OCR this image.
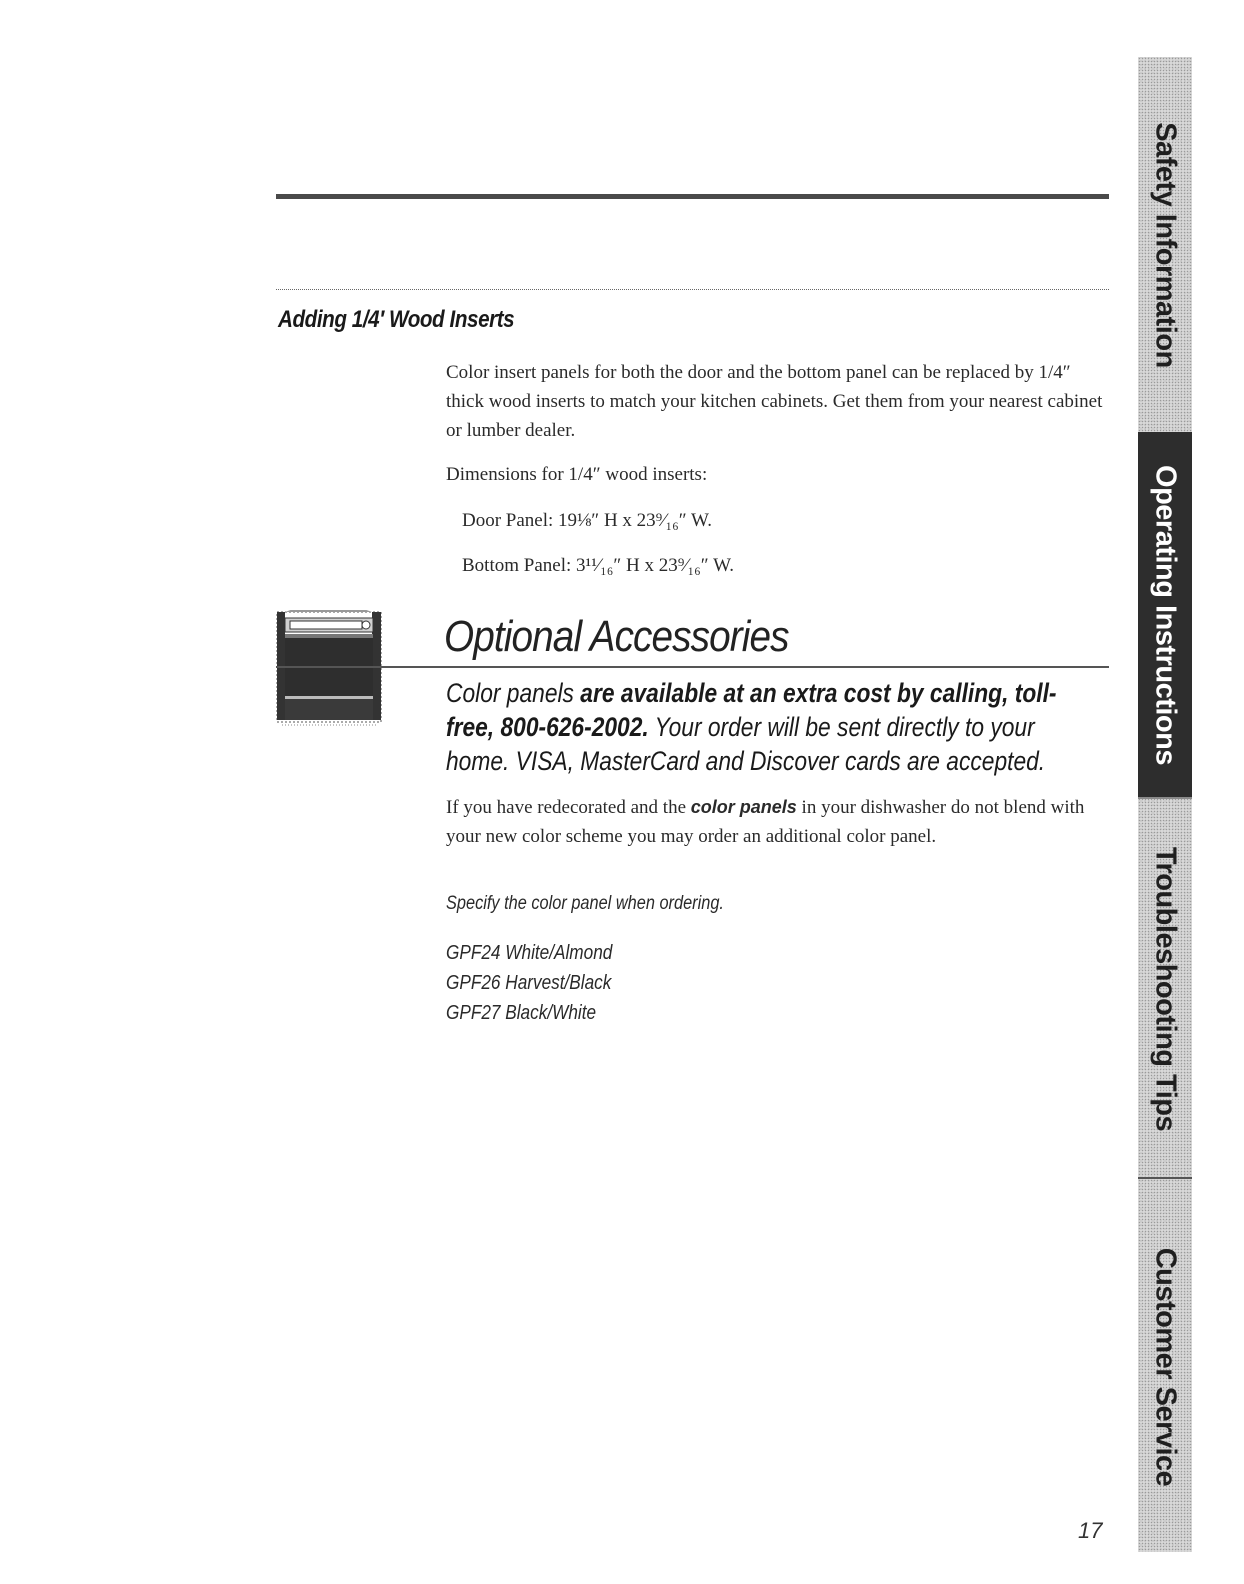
Adding 1/4′ Wood Inserts

Color insert panels for both the door and the bottom panel can be replaced by 1/4″ thick wood inserts to match your kitchen cabinets. Get them from your nearest cabinet or lumber dealer.

Dimensions for 1/4″ wood inserts:

Door Panel: 19⅛″ H x 23⁹⁄₁₆″ W.

Bottom Panel: 3¹¹⁄₁₆″ H x 23⁹⁄₁₆″ W.

Optional Accessories

Color panels are available at an extra cost by calling, toll-free, 800-626-2002. Your order will be sent directly to your home. VISA, MasterCard and Discover cards are accepted.

If you have redecorated and the color panels in your dishwasher do not blend with your new color scheme you may order an additional color panel.

Specify the color panel when ordering.

GPF24 White/Almond
GPF26 Harvest/Black
GPF27 Black/White
Safety Information
Operating Instructions
Troubleshooting Tips
Customer Service

17
